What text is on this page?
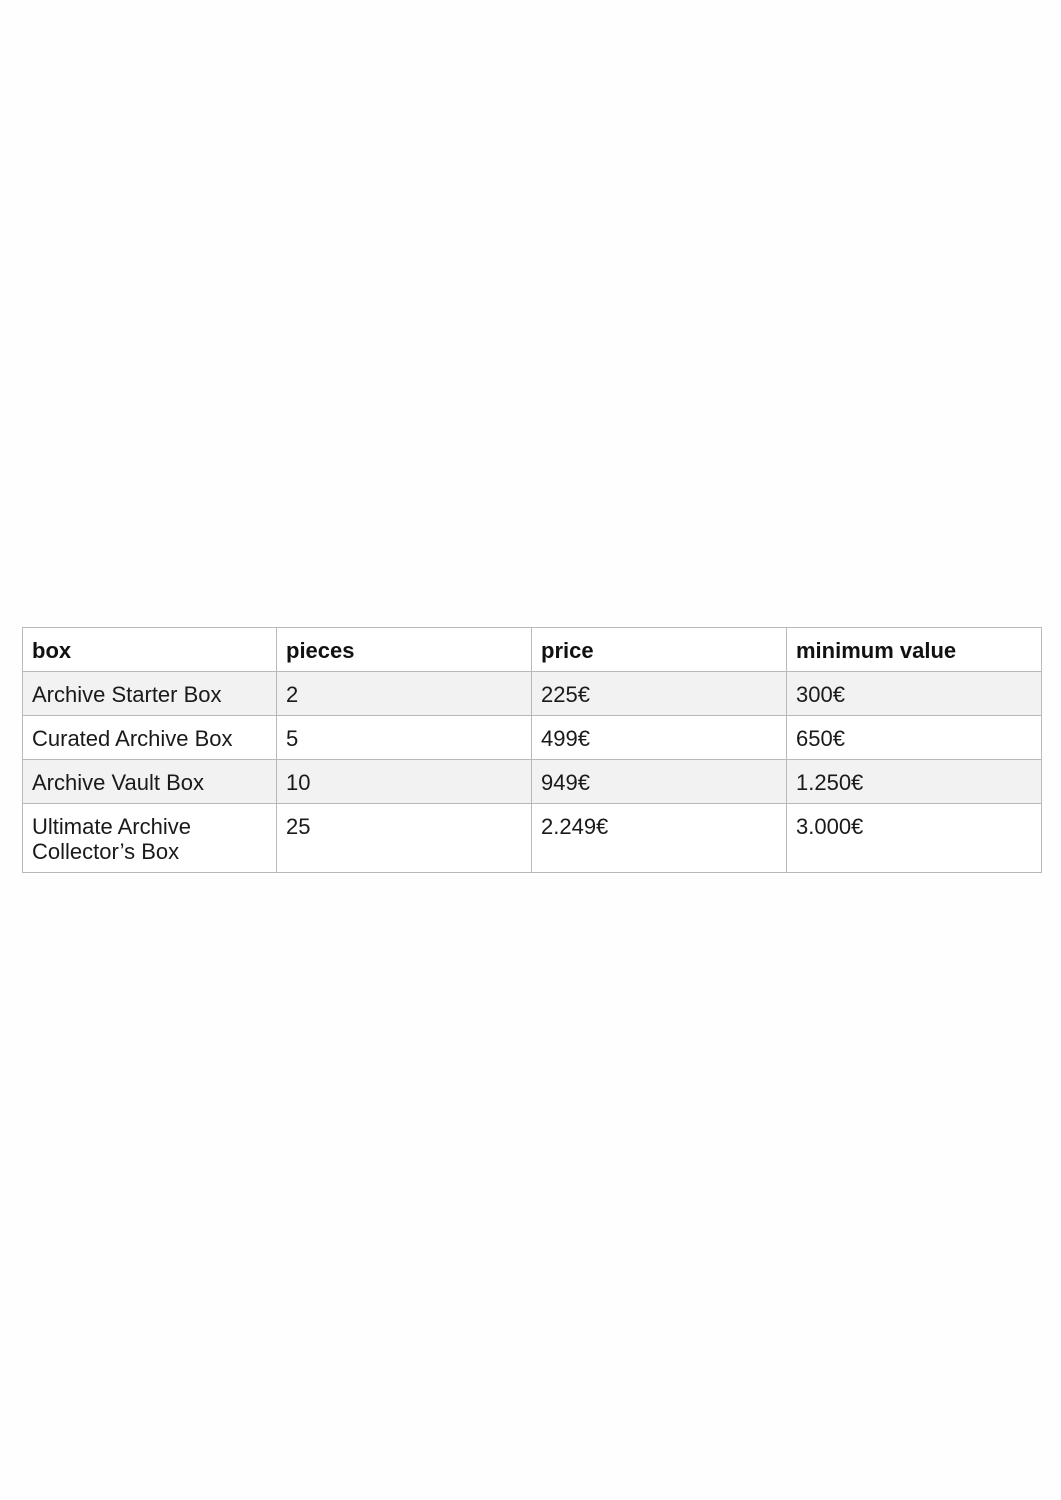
box	pieces	price	minimum value
Archive Starter Box	2	225€	300€
Curated Archive Box	5	499€	650€
Archive Vault Box	10	949€	1.250€
Ultimate Archive Collector’s Box	25	2.249€	3.000€
